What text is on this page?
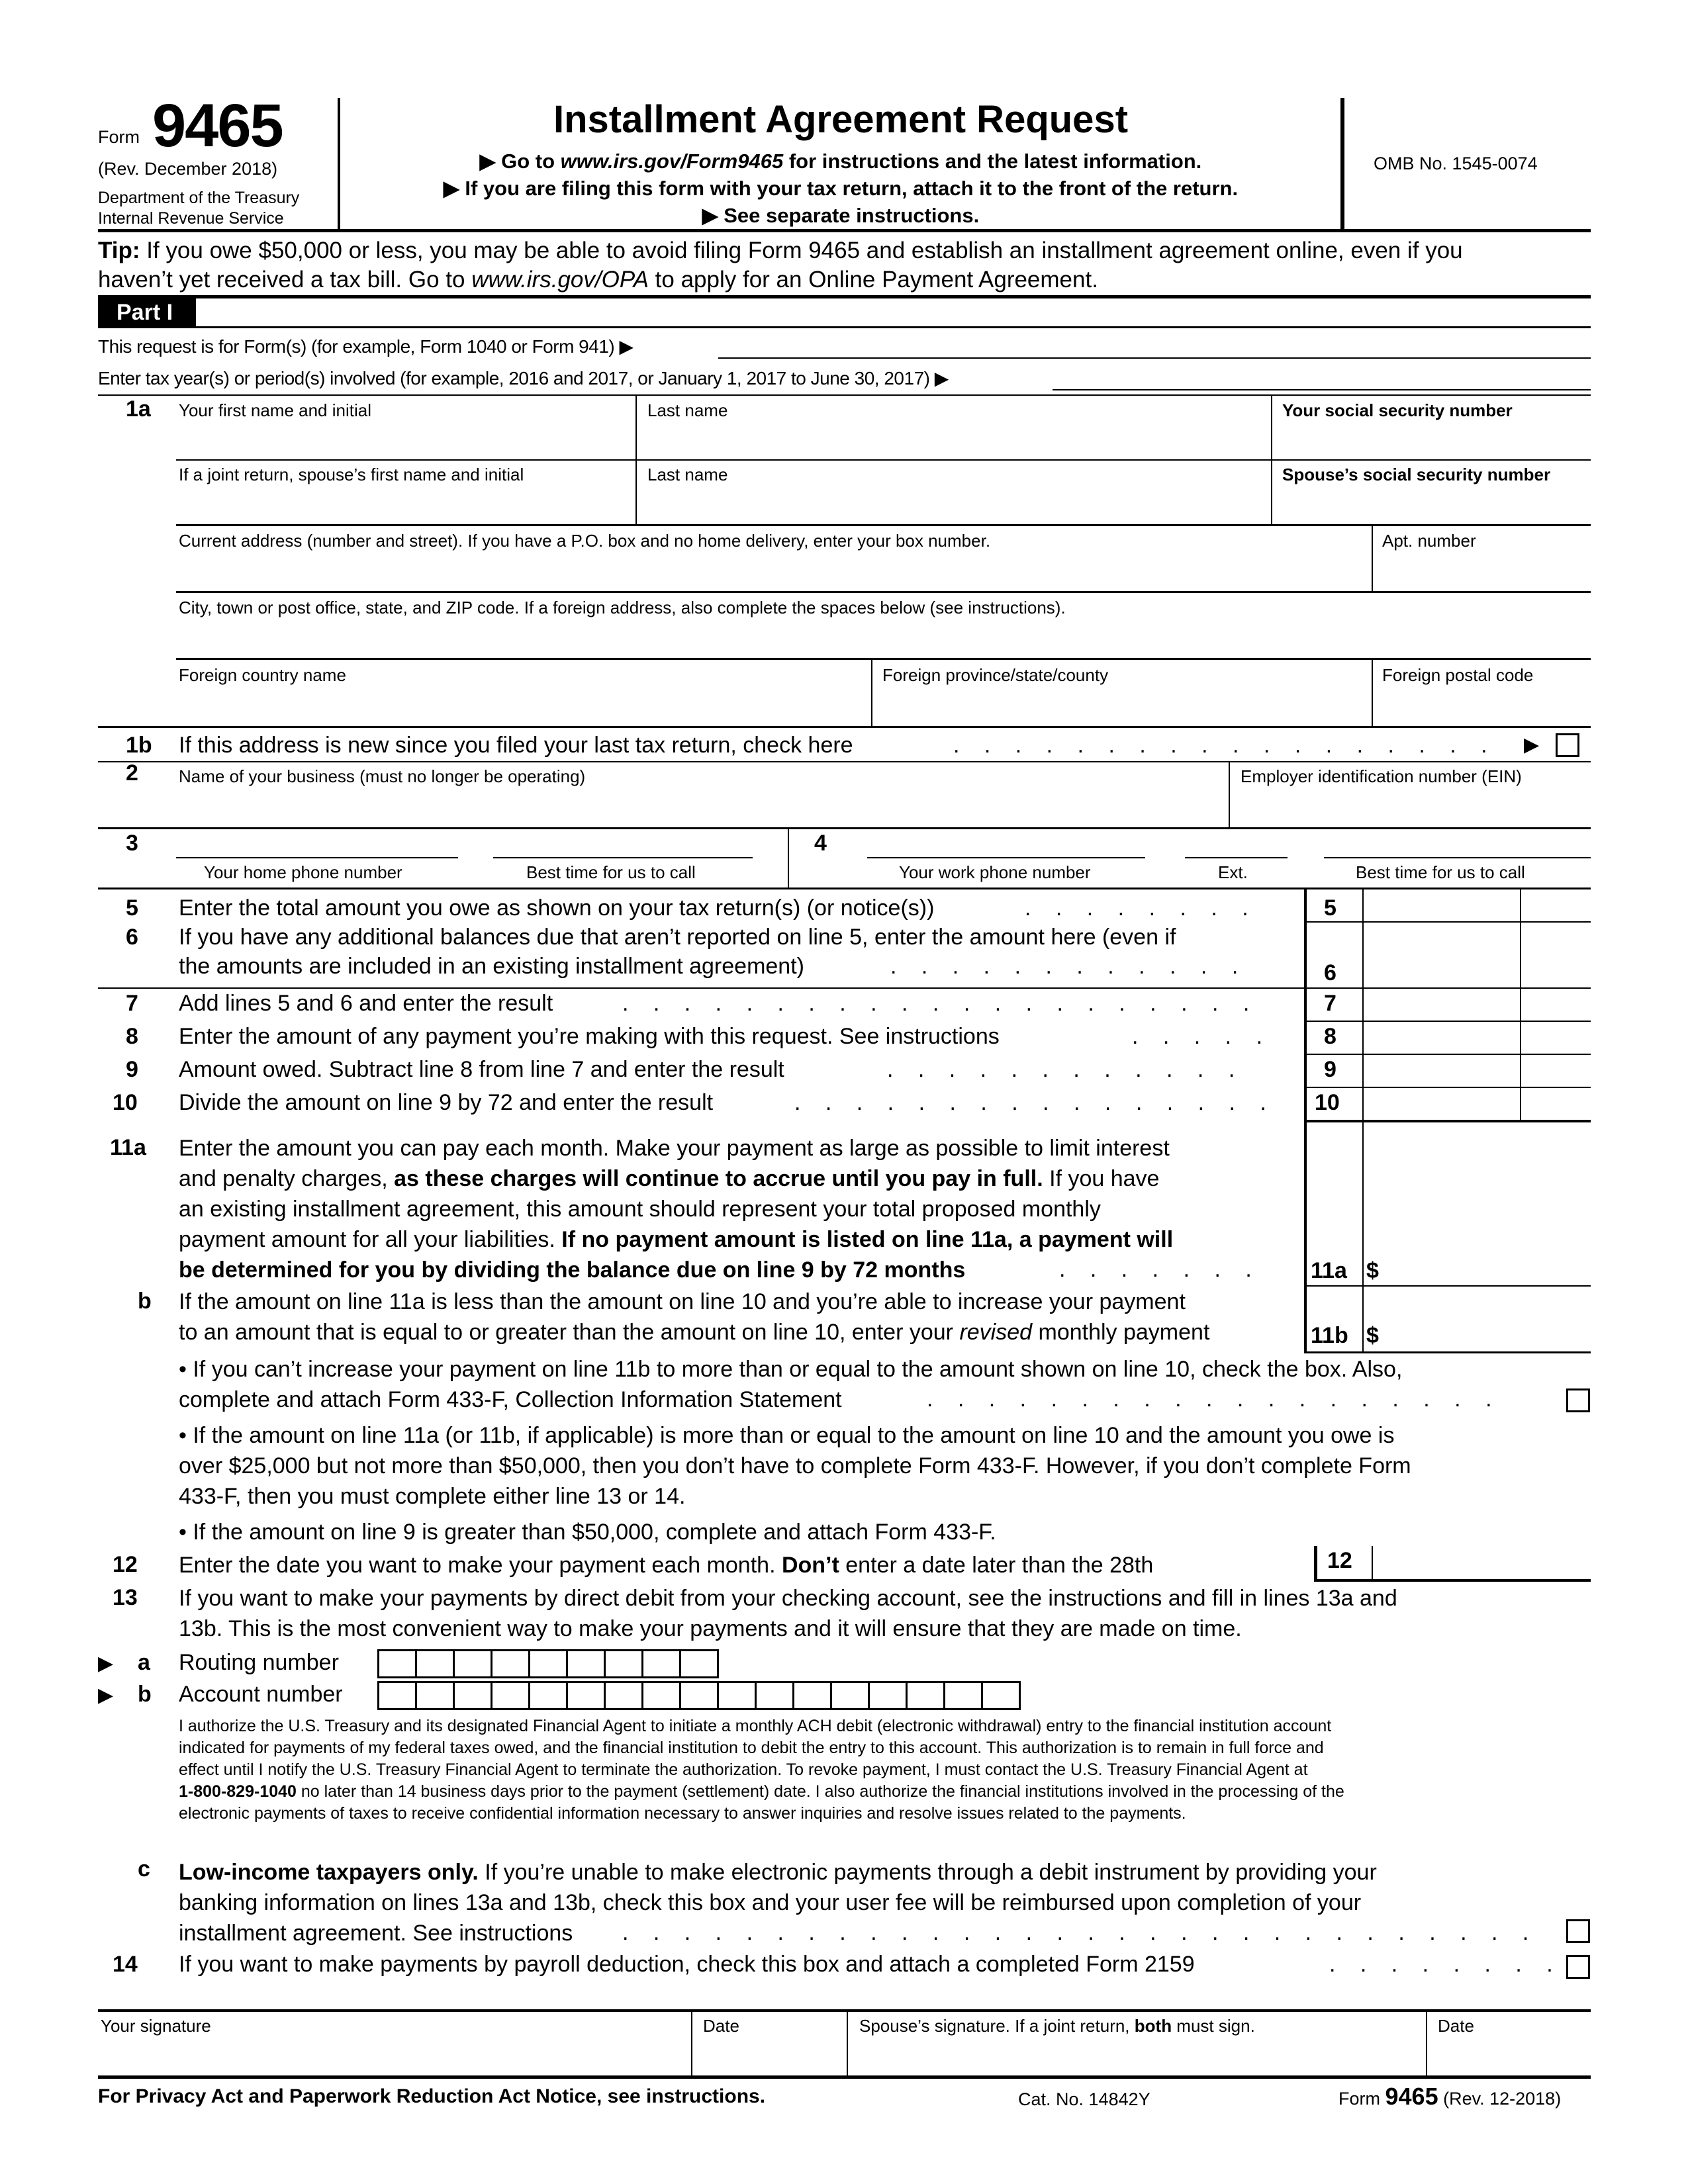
Form 9465
(Rev. December 2018)
Department of the Treasury
Internal Revenue Service
Installment Agreement Request
▶ Go to www.irs.gov/Form9465 for instructions and the latest information.
▶ If you are filing this form with your tax return, attach it to the front of the return.
▶ See separate instructions.
OMB No. 1545-0074
Tip: If you owe $50,000 or less, you may be able to avoid filing Form 9465 and establish an installment agreement online, even if you
haven’t yet received a tax bill. Go to www.irs.gov/OPA to apply for an Online Payment Agreement.
Part I
This request is for Form(s) (for example, Form 1040 or Form 941) ▶
Enter tax year(s) or period(s) involved (for example, 2016 and 2017, or January 1, 2017 to June 30, 2017) ▶
1a Your first name and initial	Last name	Your social security number
If a joint return, spouse’s first name and initial	Last name	Spouse’s social security number
Current address (number and street). If you have a P.O. box and no home delivery, enter your box number.	Apt. number
City, town or post office, state, and ZIP code. If a foreign address, also complete the spaces below (see instructions).
Foreign country name	Foreign province/state/county	Foreign postal code
1b If this address is new since you filed your last tax return, check here	. . . . . . . . . . . . . . . . . . ▶
2 Name of your business (must no longer be operating)	Employer identification number (EIN)
3
Your home phone number	Best time for us to call
4
Your work phone number	Ext.	Best time for us to call
5 Enter the total amount you owe as shown on your tax return(s) (or notice(s))	. . . . . . . .	5
6 If you have any additional balances due that aren’t reported on line 5, enter the amount here (even if
the amounts are included in an existing installment agreement)	. . . . . . . . . . . .	6
7 Add lines 5 and 6 and enter the result	. . . . . . . . . . . . . . . . . . . . .	7
8 Enter the amount of any payment you’re making with this request. See instructions	. . . . . 8
9 Amount owed. Subtract line 8 from line 7 and enter the result	. . . . . . . . . . . .	9
10 Divide the amount on line 9 by 72 and enter the result	. . . . . . . . . . . . . . . . 10
11a Enter the amount you can pay each month. Make your payment as large as possible to limit interest
and penalty charges, as these charges will continue to accrue until you pay in full. If you have
an existing installment agreement, this amount should represent your total proposed monthly
payment amount for all your liabilities. If no payment amount is listed on line 11a, a payment will
be determined for you by dividing the balance due on line 9 by 72 months	. . . . . . . 11a $
b If the amount on line 11a is less than the amount on line 10 and you’re able to increase your payment
to an amount that is equal to or greater than the amount on line 10, enter your revised monthly payment	11b $
• If you can’t increase your payment on line 11b to more than or equal to the amount shown on line 10, check the box. Also,
complete and attach Form 433-F, Collection Information Statement	. . . . . . . . . . . . . . . . . . .
• If the amount on line 11a (or 11b, if applicable) is more than or equal to the amount on line 10 and the amount you owe is
over $25,000 but not more than $50,000, then you don’t have to complete Form 433-F. However, if you don’t complete Form
433-F, then you must complete either line 13 or 14.
• If the amount on line 9 is greater than $50,000, complete and attach Form 433-F.
12 Enter the date you want to make your payment each month. Don’t enter a date later than the 28th	12
13 If you want to make your payments by direct debit from your checking account, see the instructions and fill in lines 13a and
13b. This is the most convenient way to make your payments and it will ensure that they are made on time.
▶ a Routing number
▶ b Account number
I authorize the U.S. Treasury and its designated Financial Agent to initiate a monthly ACH debit (electronic withdrawal) entry to the financial institution account
indicated for payments of my federal taxes owed, and the financial institution to debit the entry to this account. This authorization is to remain in full force and
effect until I notify the U.S. Treasury Financial Agent to terminate the authorization. To revoke payment, I must contact the U.S. Treasury Financial Agent at
1-800-829-1040 no later than 14 business days prior to the payment (settlement) date. I also authorize the financial institutions involved in the processing of the
electronic payments of taxes to receive confidential information necessary to answer inquiries and resolve issues related to the payments.
c Low-income taxpayers only. If you’re unable to make electronic payments through a debit instrument by providing your
banking information on lines 13a and 13b, check this box and your user fee will be reimbursed upon completion of your
installment agreement. See instructions	. . . . . . . . . . . . . . . . . . . . . . . . . . . . . .
14 If you want to make payments by payroll deduction, check this box and attach a completed Form 2159	. . . . . . . .
Your signature	Date	Spouse’s signature. If a joint return, both must sign.	Date
For Privacy Act and Paperwork Reduction Act Notice, see instructions.	Cat. No. 14842Y	Form 9465 (Rev. 12-2018)
